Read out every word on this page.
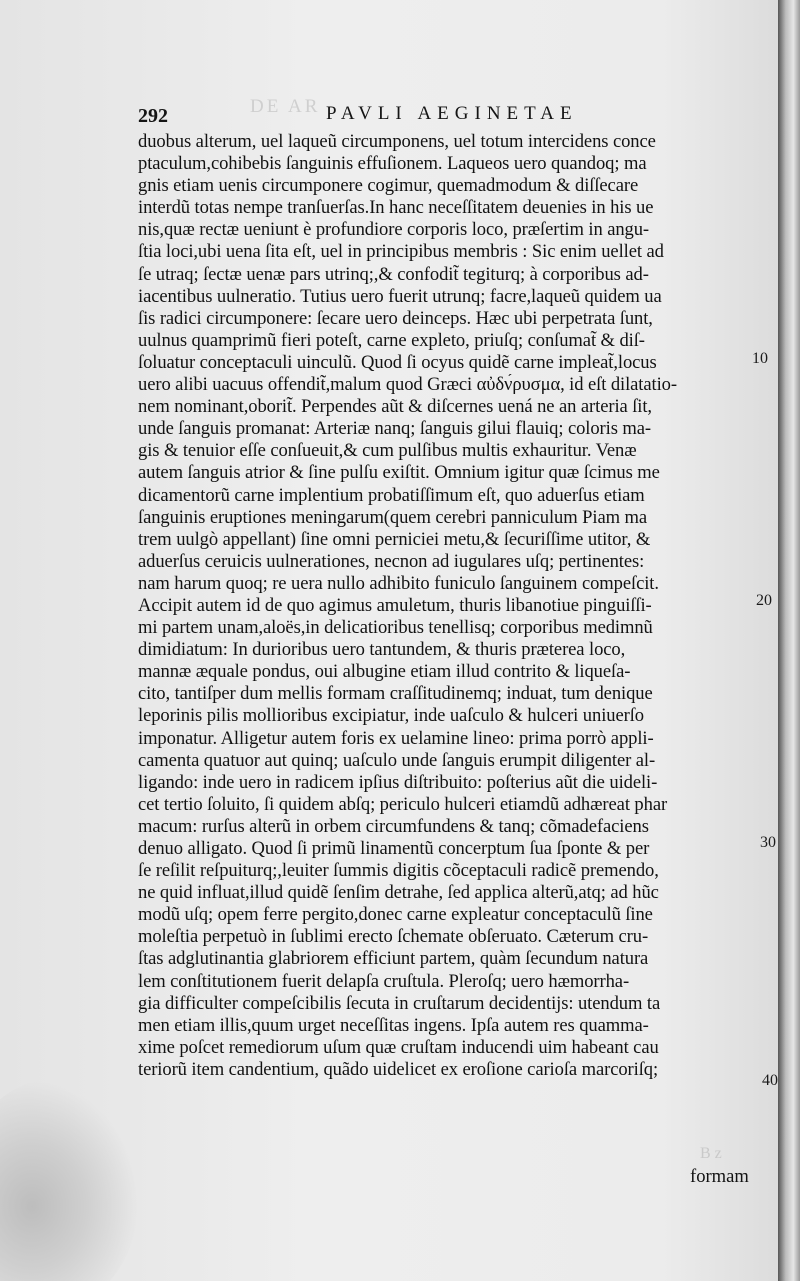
DE AR
292	PAVLI AEGINETAE
duobus alterum, uel laqueũ circumponens, uel totum intercidens conce
ptaculum,cohibebis ſanguinis effuſionem. Laqueos uero quandoq; ma
gnis etiam uenis circumponere cogimur, quemadmodum & diſſecare
interdũ totas nempe tranſuerſas.In hanc neceſſitatem deuenies in his ue
nis,quæ rectæ ueniunt è profundiore corporis loco, præſertim in angu-
ſtia loci,ubi uena ſita eſt, uel in principibus membris : Sic enim uellet ad
ſe utraq; ſectæ uenæ pars utrinq;,& confodit̃ tegiturq; à corporibus ad-
iacentibus uulneratio. Tutius uero fuerit utrunq; facre,laqueũ quidem ua
ſis radici circumponere: ſecare uero deinceps. Hæc ubi perpetrata ſunt,
uulnus quamprimũ fieri poteſt, carne expleto, priuſq; conſumat̃ & diſ-
ſoluatur conceptaculi uinculũ. Quod ſi ocyus quidẽ carne impleat̃,locus
uero alibi uacuus offendit̃,malum quod Græci αὐδν́ρυσμα, id eſt dilatatio-
nem nominant,oborit̃. Perpendes aũt & diſcernes uená ne an arteria ſit,
unde ſanguis promanat: Arteriæ nanq; ſanguis gilui flauiq; coloris ma-
gis & tenuior eſſe conſueuit,& cum pulſibus multis exhauritur. Venæ
autem ſanguis atrior & ſine pulſu exiſtit. Omnium igitur quæ ſcimus me
dicamentorũ carne implentium probatiſſimum eſt, quo aduerſus etiam
ſanguinis eruptiones meningarum(quem cerebri panniculum Piam ma
trem uulgò appellant) ſine omni perniciei metu,& ſecuriſſime utitor, &
aduerſus ceruicis uulnerationes, necnon ad iugulares uſq; pertinentes:
nam harum quoq; re uera nullo adhibito funiculo ſanguinem compeſcit.
Accipit autem id de quo agimus amuletum, thuris libanotiue pinguiſſi-
mi partem unam,aloës,in delicatioribus tenellisq; corporibus medimnũ
dimidiatum: In durioribus uero tantundem, & thuris præterea loco,
mannæ æquale pondus, oui albugine etiam illud contrito & liqueſa-
cito, tantiſper dum mellis formam craſſitudinemq; induat, tum denique
leporinis pilis mollioribus excipiatur, inde uaſculo & hulceri uniuerſo
imponatur. Alligetur autem foris ex uelamine lineo: prima porrò appli-
camenta quatuor aut quinq; uaſculo unde ſanguis erumpit diligenter al-
ligando: inde uero in radicem ipſius diſtribuito: poſterius aũt die uideli-
cet tertio ſoluito, ſi quidem abſq; periculo hulceri etiamdũ adhæreat phar
macum: rurſus alterũ in orbem circumfundens & tanq; cõmadefaciens
denuo alligato. Quod ſi primũ linamentũ concerptum ſua ſponte & per
ſe reſilit reſpuiturq;,leuiter ſummis digitis cõceptaculi radicẽ premendo,
ne quid influat,illud quidẽ ſenſim detrahe, ſed applica alterũ,atq; ad hũc
modũ uſq; opem ferre pergito,donec carne expleatur conceptaculũ ſine
moleſtia perpetuò in ſublimi erecto ſchemate obſeruato. Cæterum cru-
ſtas adglutinantia glabriorem efficiunt partem, quàm ſecundum natura
lem conſtitutionem fuerit delapſa cruſtula. Pleroſq; uero hæmorrha-
gia difficulter compeſcibilis ſecuta in cruſtarum decidentijs: utendum ta
men etiam illis,quum urget neceſſitas ingens. Ipſa autem res quamma-
xime poſcet remediorum uſum quæ cruſtam inducendi uim habeant cau
teriorũ item candentium, quãdo uidelicet ex eroſione carioſa marcoriſq;
10
20
30
40
B z
formam
